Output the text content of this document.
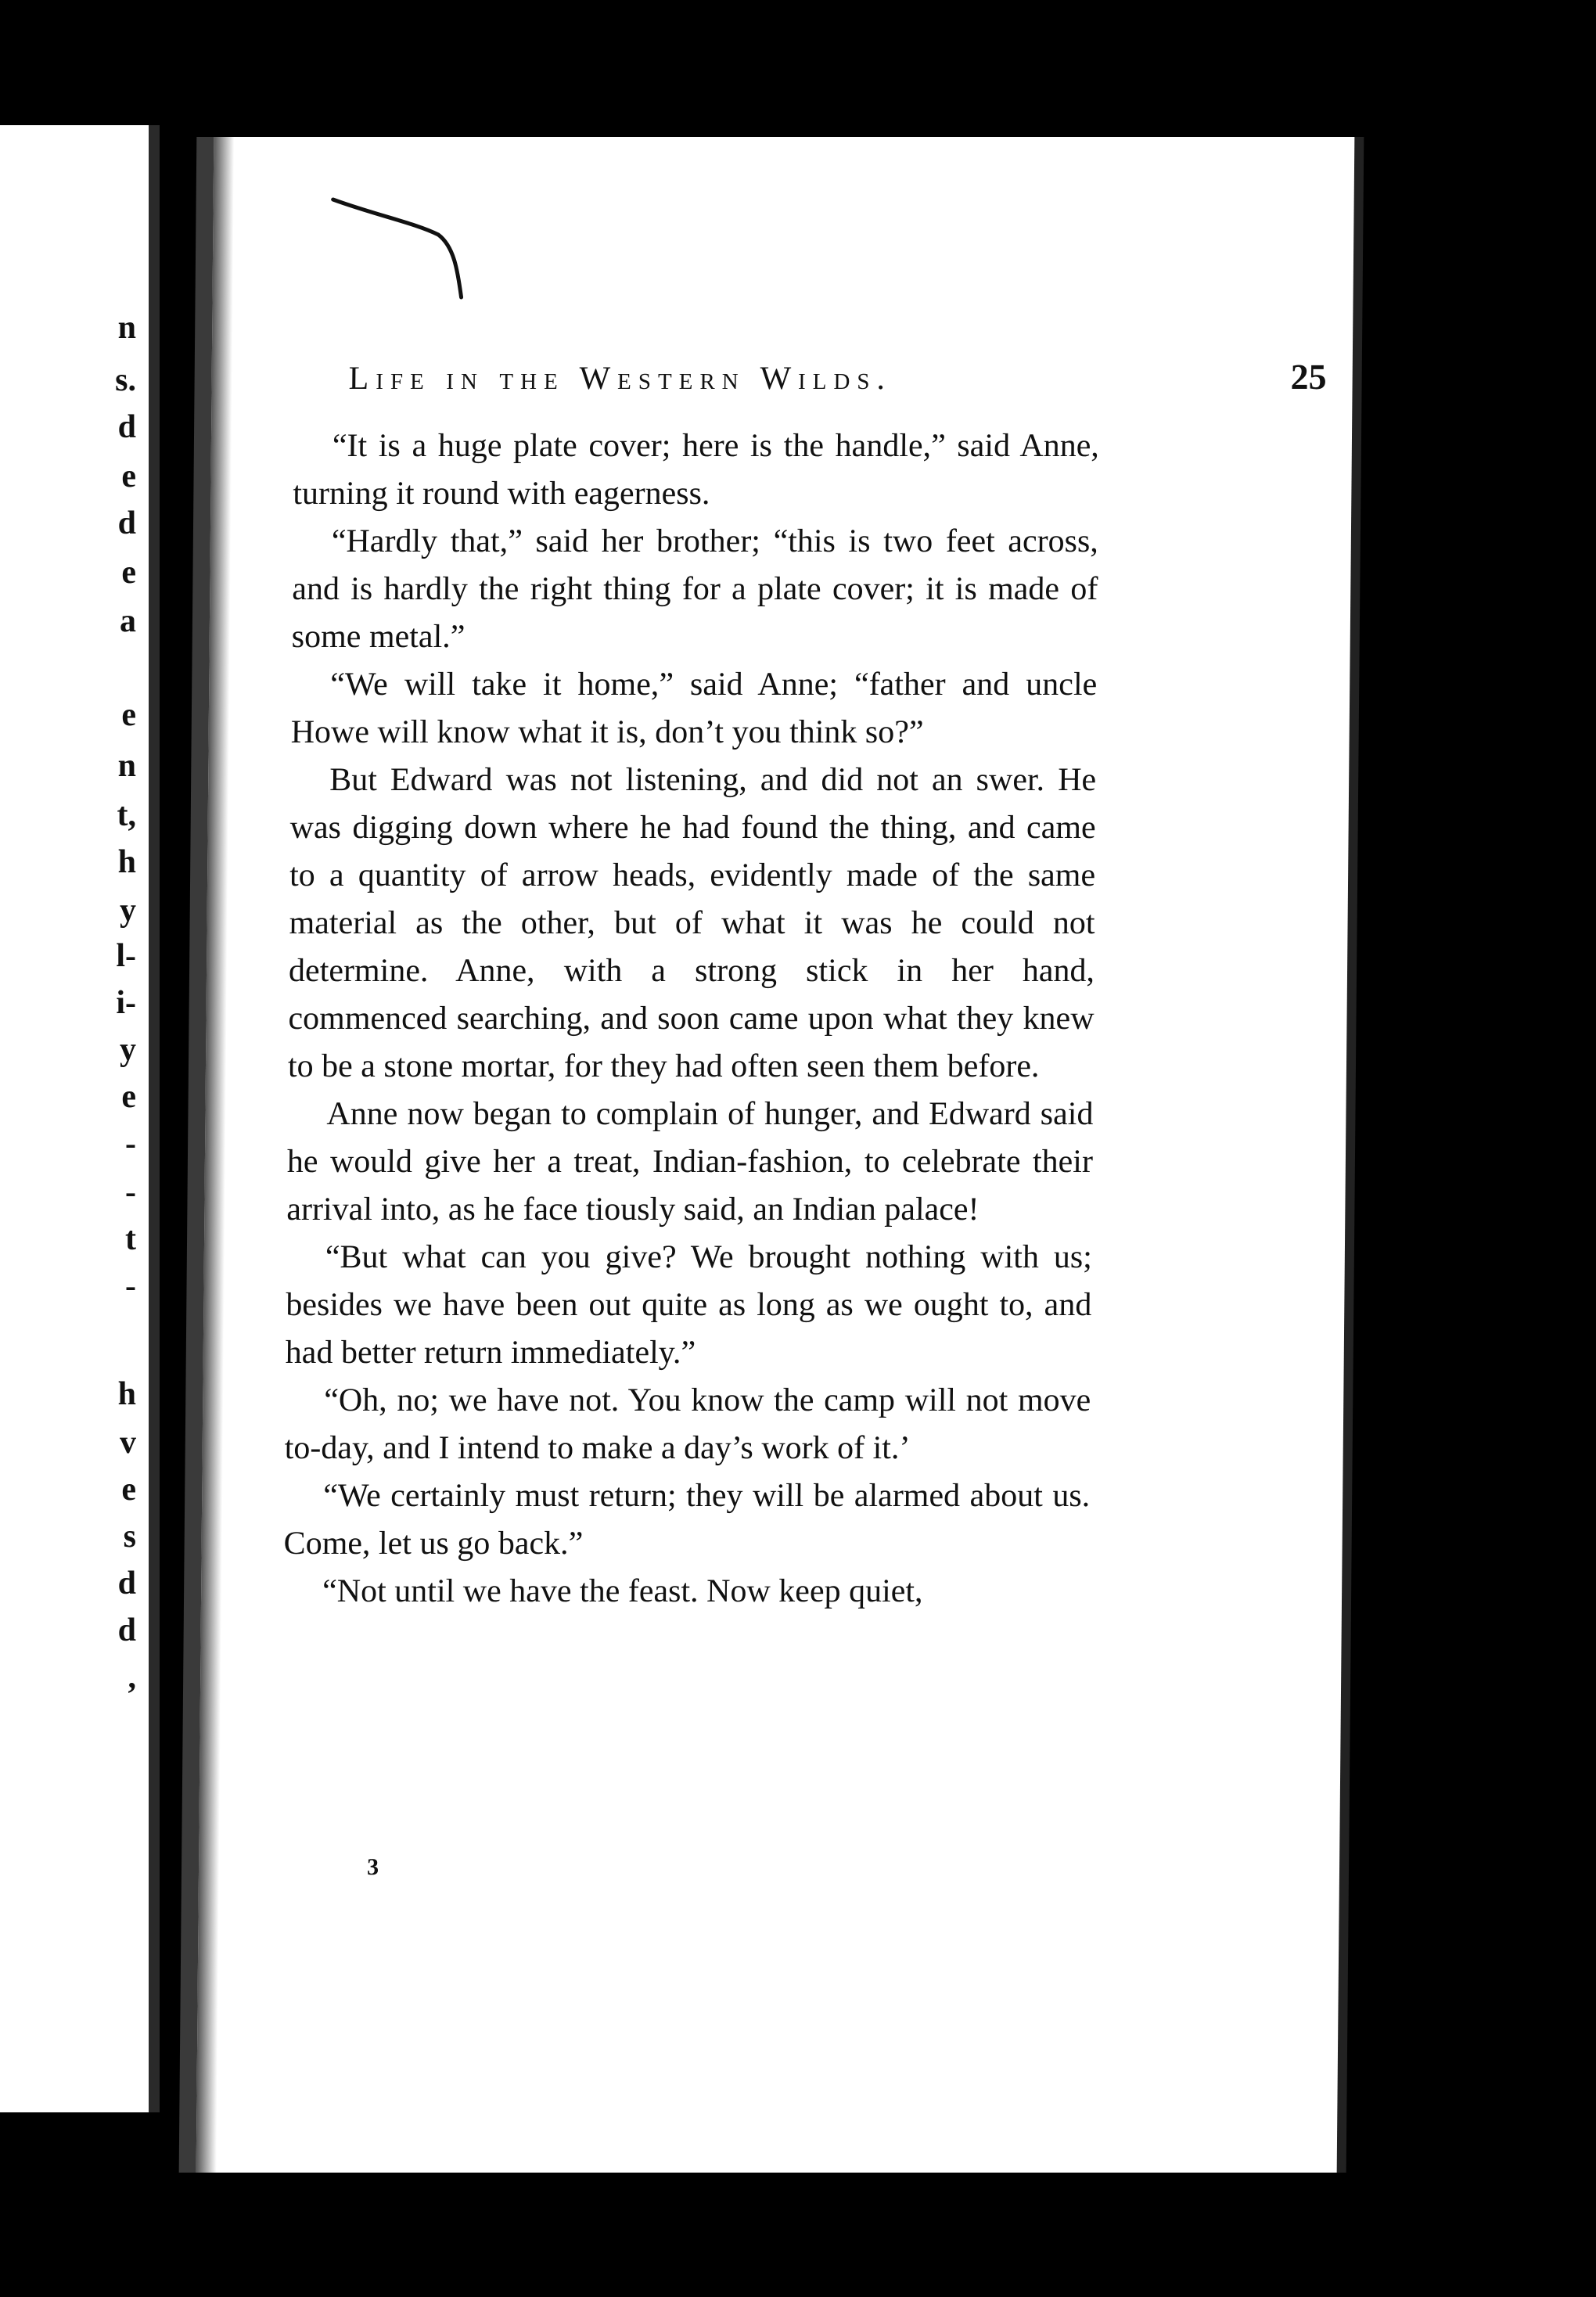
n
s.
d
e
d
e
a
e
n
t,
h
y
l-
i-
y
e
-
-
t
-
h
v
e
s
d
d
,
Life in the Western Wilds.	25

“It is a huge plate cover; here is the handle,” said Anne, turning it round with eagerness.

“Hardly that,” said her brother; “this is two feet across, and is hardly the right thing for a plate cover; it is made of some metal.”

“We will take it home,” said Anne; “father and uncle Howe will know what it is, don’t you think so?”

But Edward was not listening, and did not an swer. He was digging down where he had found the thing, and came to a quantity of arrow heads, evidently made of the same material as the other, but of what it was he could not determine. Anne, with a strong stick in her hand, commenced searching, and soon came upon what they knew to be a stone mortar, for they had often seen them before.

Anne now began to complain of hunger, and Edward said he would give her a treat, Indian-fashion, to celebrate their arrival into, as he face tiously said, an Indian palace!

“But what can you give? We brought nothing with us; besides we have been out quite as long as we ought to, and had better return immediately.”

“Oh, no; we have not. You know the camp will not move to-day, and I intend to make a day’s work of it.’

“We certainly must return; they will be alarmed about us. Come, let us go back.”

“Not until we have the feast. Now keep quiet,

3
